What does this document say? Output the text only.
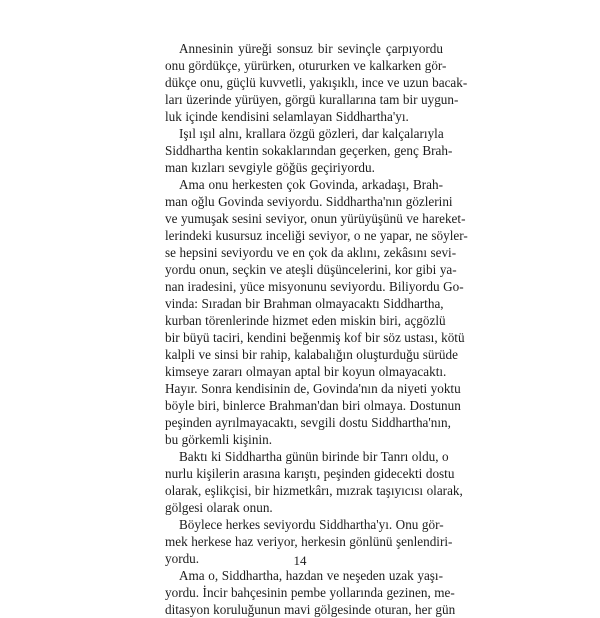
Annesinin yüreği sonsuz bir sevinçle çarpıyordu
onu gördükçe, yürürken, otururken ve kalkarken gör-
dükçe onu, güçlü kuvvetli, yakışıklı, ince ve uzun bacak-
ları üzerinde yürüyen, görgü kurallarına tam bir uygun-
luk içinde kendisini selamlayan Siddhartha'yı.
Işıl ışıl alnı, krallara özgü gözleri, dar kalçalarıyla
Siddhartha kentin sokaklarından geçerken, genç Brah-
man kızları sevgiyle göğüs geçiriyordu.
Ama onu herkesten çok Govinda, arkadaşı, Brah-
man oğlu Govinda seviyordu. Siddhartha'nın gözlerini
ve yumuşak sesini seviyor, onun yürüyüşünü ve hareket-
lerindeki kusursuz inceliği seviyor, o ne yapar, ne söyler-
se hepsini seviyordu ve en çok da aklını, zekâsını sevi-
yordu onun, seçkin ve ateşli düşüncelerini, kor gibi ya-
nan iradesini, yüce misyonunu seviyordu. Biliyordu Go-
vinda: Sıradan bir Brahman olmayacaktı Siddhartha,
kurban törenlerinde hizmet eden miskin biri, açgözlü
bir büyü taciri, kendini beğenmiş kof bir söz ustası, kötü
kalpli ve sinsi bir rahip, kalabalığın oluşturduğu sürüde
kimseye zararı olmayan aptal bir koyun olmayacaktı.
Hayır. Sonra kendisinin de, Govinda'nın da niyeti yoktu
böyle biri, binlerce Brahman'dan biri olmaya. Dostunun
peşinden ayrılmayacaktı, sevgili dostu Siddhartha'nın,
bu görkemli kişinin.
Baktı ki Siddhartha günün birinde bir Tanrı oldu, o
nurlu kişilerin arasına karıştı, peşinden gidecekti dostu
olarak, eşlikçisi, bir hizmetkârı, mızrak taşıyıcısı olarak,
gölgesi olarak onun.
Böylece herkes seviyordu Siddhartha'yı. Onu gör-
mek herkese haz veriyor, herkesin gönlünü şenlendiri-
yordu.
Ama o, Siddhartha, hazdan ve neşeden uzak yaşı-
yordu. İncir bahçesinin pembe yollarında gezinen, me-
ditasyon koruluğunun mavi gölgesinde oturan, her gün
14
